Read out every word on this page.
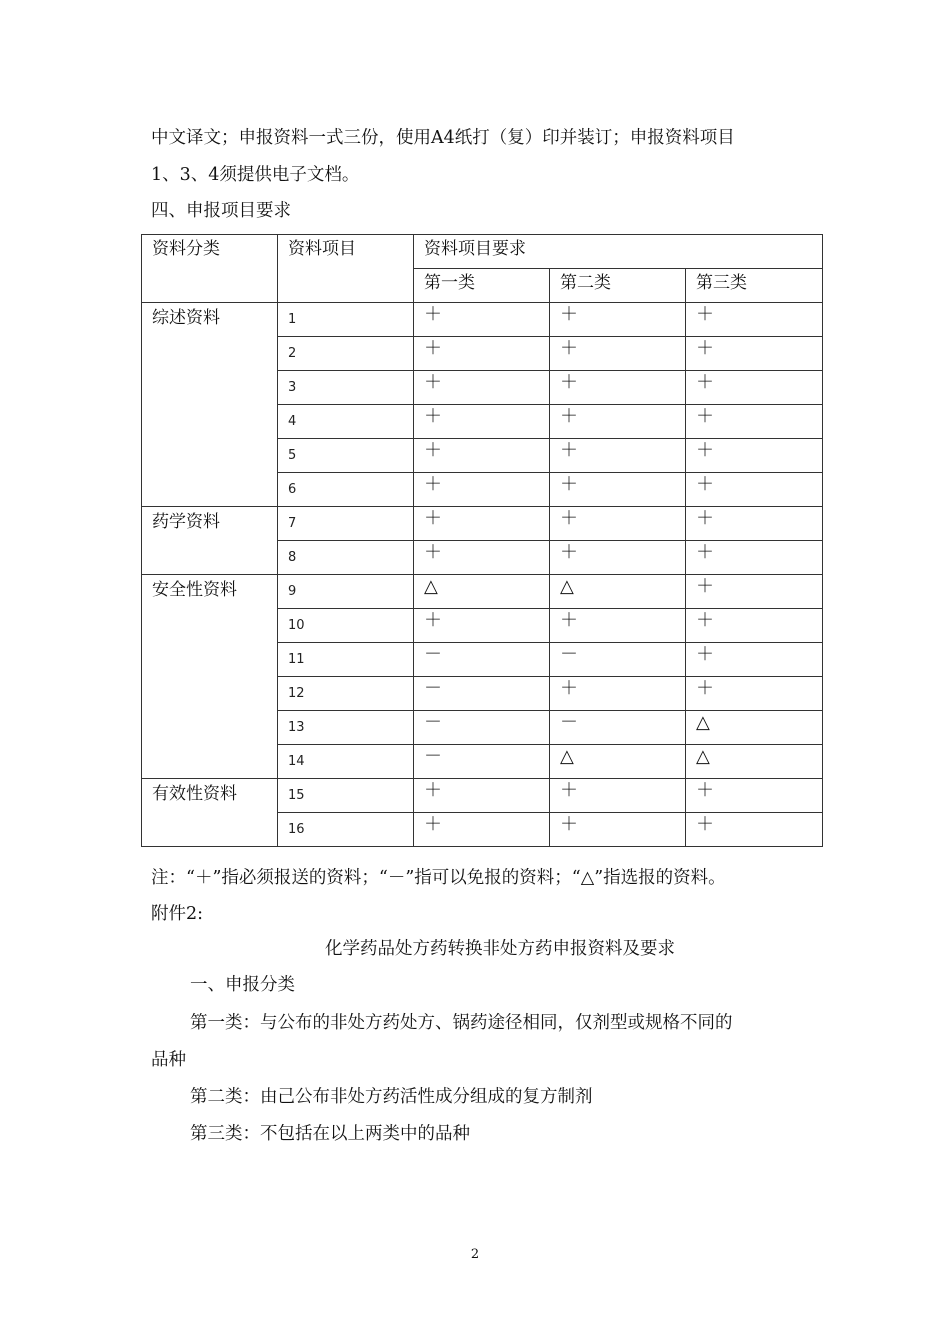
中文译文；申报资料一式三份，使用A4纸打（复）印并装订；申报资料项目
1、3、4须提供电子文档。
四、申报项目要求
资料分类	资料项目	资料项目要求		
		第一类	第二类	第三类
综述资料	1	＋	＋	＋
	2	＋	＋	＋
	3	＋	＋	＋
	4	＋	＋	＋
	5	＋	＋	＋
	6	＋	＋	＋
药学资料	7	＋	＋	＋
	8	＋	＋	＋
安全性资料	9	△	△	＋
	10	＋	＋	＋
	11	－	－	＋
	12	－	＋	＋
	13	－	－	△
	14	－	△	△
有效性资料	15	＋	＋	＋
	16	＋	＋	＋
注：“＋”指必须报送的资料；“－”指可以免报的资料；“△”指选报的资料。
附件2:
化学药品处方药转换非处方药申报资料及要求
一、申报分类
第一类：与公布的非处方药处方、锅药途径相同，仅剂型或规格不同的
品种
第二类：由己公布非处方药活性成分组成的复方制剂
第三类：不包括在以上两类中的品种
2
